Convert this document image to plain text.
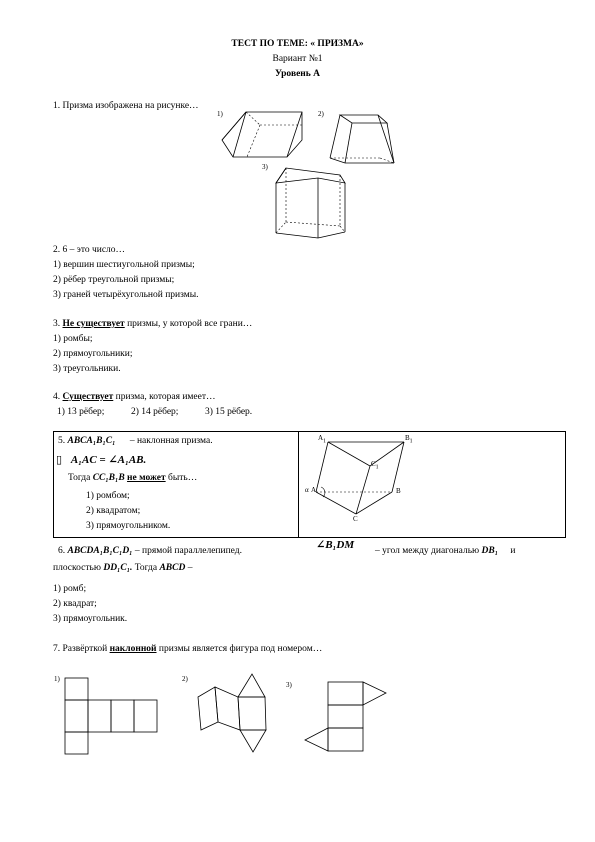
ТЕСТ ПО ТЕМЕ: « ПРИЗМА»
Вариант №1
Уровень А
1. Призма изображена на рисунке…
1)	2)
3)
2. 6 – это число…
1) вершин шестиугольной призмы;
2) рёбер треугольной призмы;
3) граней четырёхугольной призмы.
3. Не существует призмы, у которой все грани…
1) ромбы;
2) прямоугольники;
3) треугольники.
4. Существует призма, которая имеет…
1) 13 рёбер;	2) 14 рёбер;	3) 15 рёбер.
5. ABCA₁B₁C₁ – наклонная призма.
▯ A₁AC = ∠A₁AB.
Тогда CC₁B₁B не может быть…
1) ромбом;
2) квадратом;
3) прямоугольником.
$A_1$	$B_1$
$C_1$
α A	B
C
6. ABCDA₁B₁C₁D₁ – прямой параллелепипед.	∠B₁DM – угол между диагональю DB₁ и
плоскостью DD₁C₁. Тогда ABCD –
1) ромб;
2) квадрат;
3) прямоугольник.
7. Развёрткой наклонной призмы является фигура под номером…
1)	2)
3)
